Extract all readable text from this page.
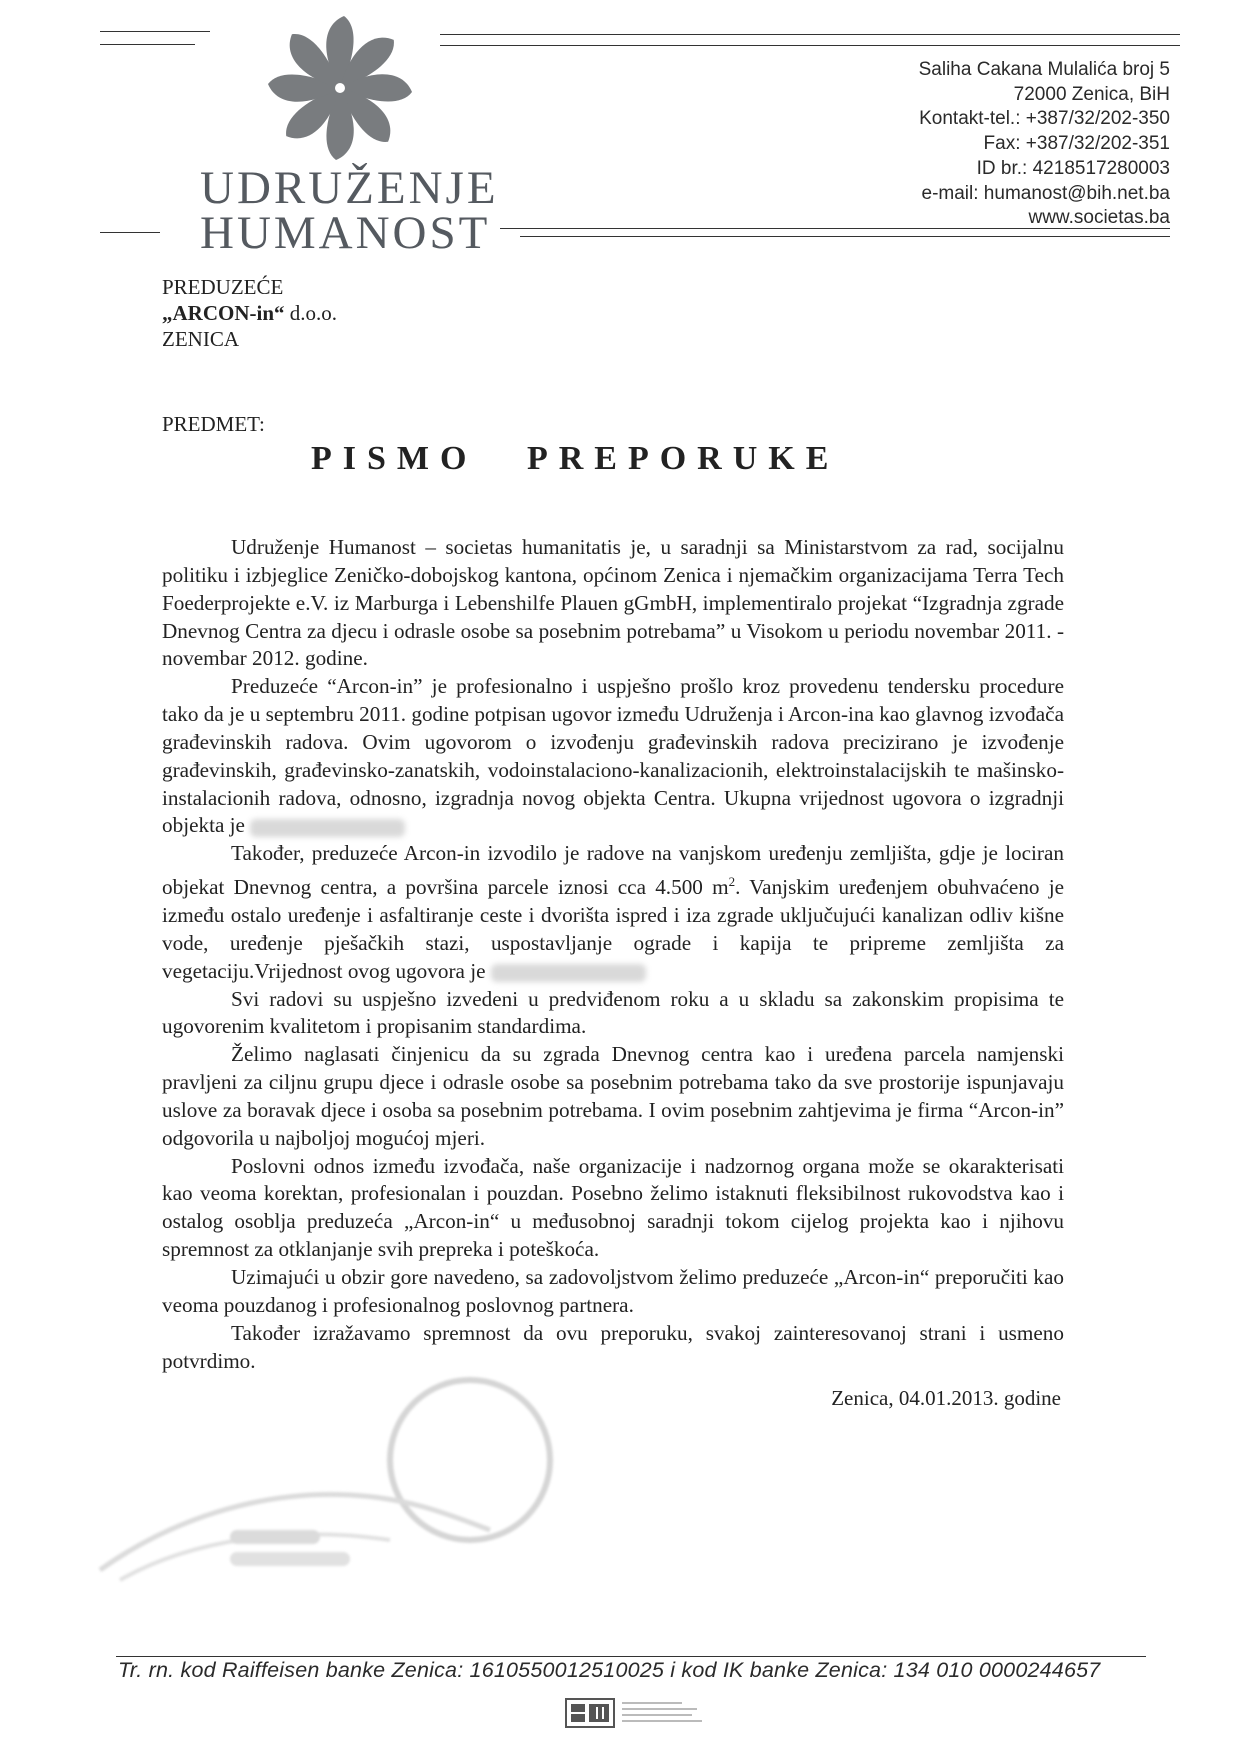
UDRUŽENJE
HUMANOST
Saliha Cakana Mulalića broj 5
72000 Zenica, BiH
Kontakt-tel.: +387/32/202-350
Fax: +387/32/202-351
ID br.: 4218517280003
e-mail: humanost@bih.net.ba
www.societas.ba
PREDUZEĆE
„ARCON-in“ d.o.o.
ZENICA
PREDMET:
PISMO PREPORUKE

Udruženje Humanost – societas humanitatis je, u saradnji sa Ministarstvom za rad, socijalnu politiku i izbjeglice Zeničko-dobojskog kantona, općinom Zenica i njemačkim organizacijama Terra Tech Foederprojekte e.V. iz Marburga i Lebenshilfe Plauen gGmbH, implementiralo projekat “Izgradnja zgrade Dnevnog Centra za djecu i odrasle osobe sa posebnim potrebama” u Visokom u periodu novembar 2011. - novembar 2012. godine.

Preduzeće “Arcon-in” je profesionalno i uspješno prošlo kroz provedenu tendersku procedure tako da je u septembru 2011. godine potpisan ugovor između Udruženja i Arcon-ina kao glavnog izvođača građevinskih radova. Ovim ugovorom o izvođenju građevinskih radova precizirano je izvođenje građevinskih, građevinsko-zanatskih, vodoinstalaciono-kanalizacionih, elektroinstalacijskih te mašinsko-instalacionih radova, odnosno, izgradnja novog objekta Centra. Ukupna vrijednost ugovora o izgradnji objekta je

Također, preduzeće Arcon-in izvodilo je radove na vanjskom uređenju zemljišta, gdje je lociran objekat Dnevnog centra, a površina parcele iznosi cca 4.500 $m^2$. Vanjskim uređenjem obuhvaćeno je između ostalo uređenje i asfaltiranje ceste i dvorišta ispred i iza zgrade uključujući kanalizan odliv kišne vode, uređenje pješačkih stazi, uspostavljanje ograde i kapija te pripreme zemljišta za vegetaciju.Vrijednost ovog ugovora je

Svi radovi su uspješno izvedeni u predviđenom roku a u skladu sa zakonskim propisima te ugovorenim kvalitetom i propisanim standardima.

Želimo naglasati činjenicu da su zgrada Dnevnog centra kao i uređena parcela namjenski pravljeni za ciljnu grupu djece i odrasle osobe sa posebnim potrebama tako da sve prostorije ispunjavaju uslove za boravak djece i osoba sa posebnim potrebama. I ovim posebnim zahtjevima je firma “Arcon-in” odgovorila u najboljoj mogućoj mjeri.

Poslovni odnos između izvođača, naše organizacije i nadzornog organa može se okarakterisati kao veoma korektan, profesionalan i pouzdan. Posebno želimo istaknuti fleksibilnost rukovodstva kao i ostalog osoblja preduzeća „Arcon-in“ u međusobnoj saradnji tokom cijelog projekta kao i njihovu spremnost za otklanjanje svih prepreka i poteškoća.

Uzimajući u obzir gore navedeno, sa zadovoljstvom želimo preduzeće „Arcon-in“ preporučiti kao veoma pouzdanog i profesionalnog poslovnog partnera.

Također izražavamo spremnost da ovu preporuku, svakoj zainteresovanoj strani i usmeno potvrdimo.

Zenica, 04.01.2013. godine
Tr. rn. kod Raiffeisen banke Zenica: 1610550012510025 i kod IK banke Zenica: 134 010 0000244657
